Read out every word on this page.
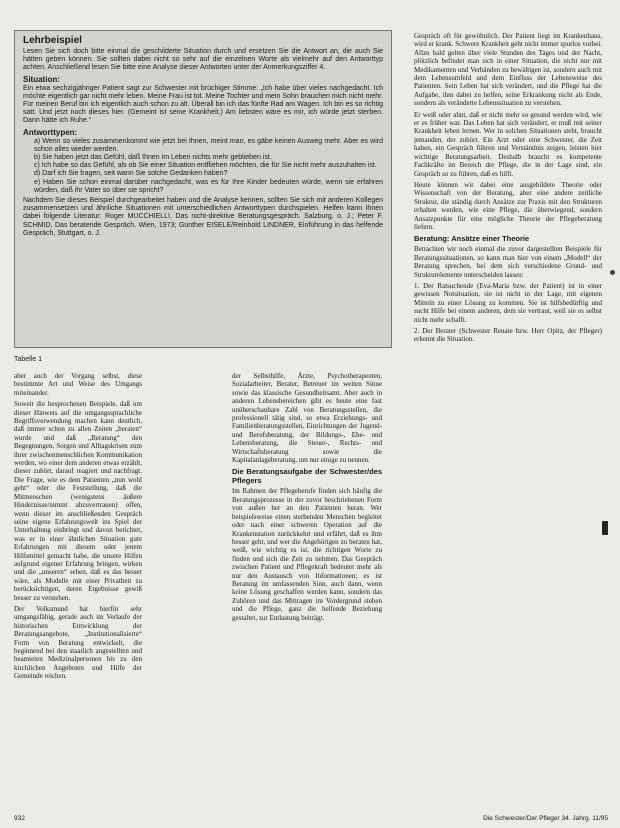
Lehrbeispiel

Lesen Sie sich doch bitte einmal die geschilderte Situation durch und ersetzen Sie die Antwort an, die auch Sie hätten geben können. Sie sollten dabei nicht so sehr auf die einzelnen Worte als vielmehr auf den Antworttyp achten. Anschließend lesen Sie bitte eine Analyse dieser Antworten unter der Anmerkungsziffer 4.

Situation:

Ein etwa sechzigjähriger Patient sagt zur Schwester mit brüchiger Stimme: „Ich habe über vieles nachgedacht. Ich möchte eigentlich gar nicht mehr leben. Meine Frau ist tot. Meine Tochter und mein Sohn brauchen mich nicht mehr. Für meinen Beruf bin ich eigentlich auch schon zu alt. Überall bin ich das fünfte Rad am Wagen. Ich bin es so richtig satt. Und jetzt noch dieses hier. (Gemeint ist seine Krankheit.) Am liebsten wäre es mir, ich würde jetzt sterben. Dann hätte ich Ruhe.“

Antworttypen:
a) Wenn so vieles zusammenkommt wie jetzt bei Ihnen, meint man, es gäbe keinen Ausweg mehr. Aber es wird schon alles wieder werden.
b) Sie haben jetzt das Gefühl, daß Ihnen im Leben nichts mehr geblieben ist.
c) Ich habe so das Gefühl, als ob Sie einer Situation entfliehen möchten, die für Sie nicht mehr auszuhalten ist.
d) Darf ich Sie fragen, seit wann Sie solche Gedanken haben?
e) Haben Sie schon einmal darüber nachgedacht, was es für Ihre Kinder bedeuten würde, wenn sie erfahren würden, daß ihr Vater so über sie spricht?

Nachdem Sie dieses Beispiel durchgearbeitet haben und die Analyse kennen, sollten Sie sich mit anderen Kollegen zusammensetzen und ähnliche Situationen mit unterschiedlichen Antworttypen durchspielen. Helfen kann Ihnen dabei folgende Literatur: Roger MUCCHIELLI, Das nicht-direktive Beratungsgespräch. Salzburg, o. J.; Peter F. SCHMID, Das beratende Gespräch. Wien, 1973; Günther EISELE/Reinhold LINDNER, Einführung in das helfende Gespräch, Stuttgart, o. J.

Tabelle 1

aber auch der Vorgang selbst, diese bestimmte Art und Weise des Umgangs miteinander.

Soweit die besprochenen Beispiele, daß um dieser Hinweis auf die umgangssprachliche Begriffsverwendung machen kann deutlich, daß immer schon zu allen Zeiten „beraten“ wurde und daß „Beratung“ den Begegnungen, Sorgen und Alltagskrisen zum ihrer zwischenmenschlichen Kommunikation werden, wo einer dem anderen etwas erzählt, dieser zuhört, darauf reagiert und nachfragt. Die Frage, wie es dem Patienten „nun wohl geht“ oder die Feststellung, daß die Mitmenschen (wenigstens äußere Hindernisse/nimmt abzuvertrauen) offen, wenn dieser im anschließenden Gespräch seine eigene Erfahrungswelt ins Spiel der Unterhaltung einbringt und davon berichtet, was er in einer ähnlichen Situation gute Erfahrungen mit diesem oder jenem Hilfsmittel gemacht habe, die unsere Hilfen aufgrund eigener Erfahrung bringen, wirken und die „unseren“ sehen, daß es das besser wäre, als Modelle mit einer Privatheit zu berücksichtigen, deren Ergebnisse gewiß besser zu verstehen.

Der Volksmund hat hierfür sehr umgangsfähig, gerade auch im Verlaufe der historischen Entwicklung der Beratungsangebote, „Institutionalisierte“ Form von Beratung entwickelt, die beginnend bei den staatlich angestellten und beamteten Medizinalpersonen bis zu den kirchlichen Angeboten und Hilfe der Gemeinde reichen.

der Selbsthilfe, Ärzte, Psychotherapeuten, Sozialarbeiter, Berater, Betreuer im weiten Sinne sowie das klassische Gesundheitsamt. Aber auch in anderen Lebensbereichen gibt es heute eine fast unüberschaubare Zahl von Beratungsstellen, die professionell tätig sind, so etwa Erziehungs- und Familienberatungsstellen, Einrichtungen der Jugend- und Berufsberatung, der Bildungs-, Ehe- und Lebensberatung, die Steuer-, Rechts- und Wirtschaftsberatung sowie die Kapitalanlageberatung, um nur einige zu nennen.

Die Beratungsaufgabe der Schwester/des Pflegers

Im Rahmen der Pflegeberufe finden sich häufig die Beratungsprozesse in der zuvor beschriebenen Form von außen her an den Patienten heran. Wer beispielsweise einen sterbenden Menschen begleitet oder nach einer schweren Operation auf die Krankenstation zurückkehrt und erfährt, daß es ihm besser geht, und wer die Angehörigen zu beraten hat, weiß, wie wichtig es ist, die richtigen Worte zu finden und sich die Zeit zu nehmen. Das Gespräch zwischen Patient und Pflegekraft bedeutet mehr als nur den Austausch von Informationen; es ist Beratung im umfassenden Sinn, auch dann, wenn keine Lösung geschaffen werden kann, sondern das Zuhören und das Mittragen im Vordergrund stehen und die Pflege, ganz die helfende Beziehung gestaltet, zur Entlastung beiträgt.

Gespräch oft für gewöhnlich. Der Patient liegt im Krankenhaus, wird er krank. Schwere Krankheit geht nicht immer spurlos vorbei. Allzu bald gelten über viele Stunden des Tages und der Nacht, plötzlich befindet man sich in einer Situation, die nicht nur mit Medikamenten und Verbänden zu bewältigen ist, sondern auch mit dem Lebensumfeld und dem Einfluss der Lebensweise des Patienten. Sein Leben hat sich verändert, und die Pflege hat die Aufgabe, ihm dabei zu helfen, seine Erkrankung nicht als Ende, sondern als veränderte Lebenssituation zu verstehen.

Er weiß oder ahnt, daß er nicht mehr so gesund werden wird, wie er es früher war. Das Leben hat sich verändert, er muß mit seiner Krankheit leben lernen. Wer in solchen Situationen steht, braucht jemanden, der zuhört. Ein Arzt oder eine Schwester, die Zeit haben, ein Gespräch führen und Verständnis zeigen, leisten hier wichtige Beratungsarbeit. Deshalb braucht es kompetente Fachkräfte im Bereich der Pflege, die in der Lage sind, ein Gespräch so zu führen, daß es hilft.

Heute können wir dabei eine ausgebildete Theorie oder Wissenschaft von der Beratung, aber eine andere zeitliche Struktur, die ständig durch Ansätze zur Praxis mit den Strukturen erhalten werden, wie eine Pflege, die überwiegend, sondern Ansatzpunkte für eine mögliche Theorie der Pflegeberatung liefern.

Beratung: Ansätze einer Theorie

Betrachten wir noch einmal die zuvor dargestellten Beispiele für Beratungssituationen, so kann man hier von einem „Modell“ der Beratung sprechen, bei dem sich verschiedene Grund- und Strukturelemente unterscheiden lassen:

1. Der Ratsuchende (Eva-Maria bzw. der Patient) ist in einer gewissen Notsituation, sie ist nicht in der Lage, mit eigenen Mitteln zu einer Lösung zu kommen. Sie ist hilfsbedürftig und sucht Hilfe bei einem anderen, dem sie vertraut, weil sie es selbst nicht mehr schafft.
2. Der Berater (Schwester Renate bzw. Herr Opitz, der Pfleger) erkennt die Situation.
932	Die Schwester/Der Pfleger 34. Jahrg. 11/95
